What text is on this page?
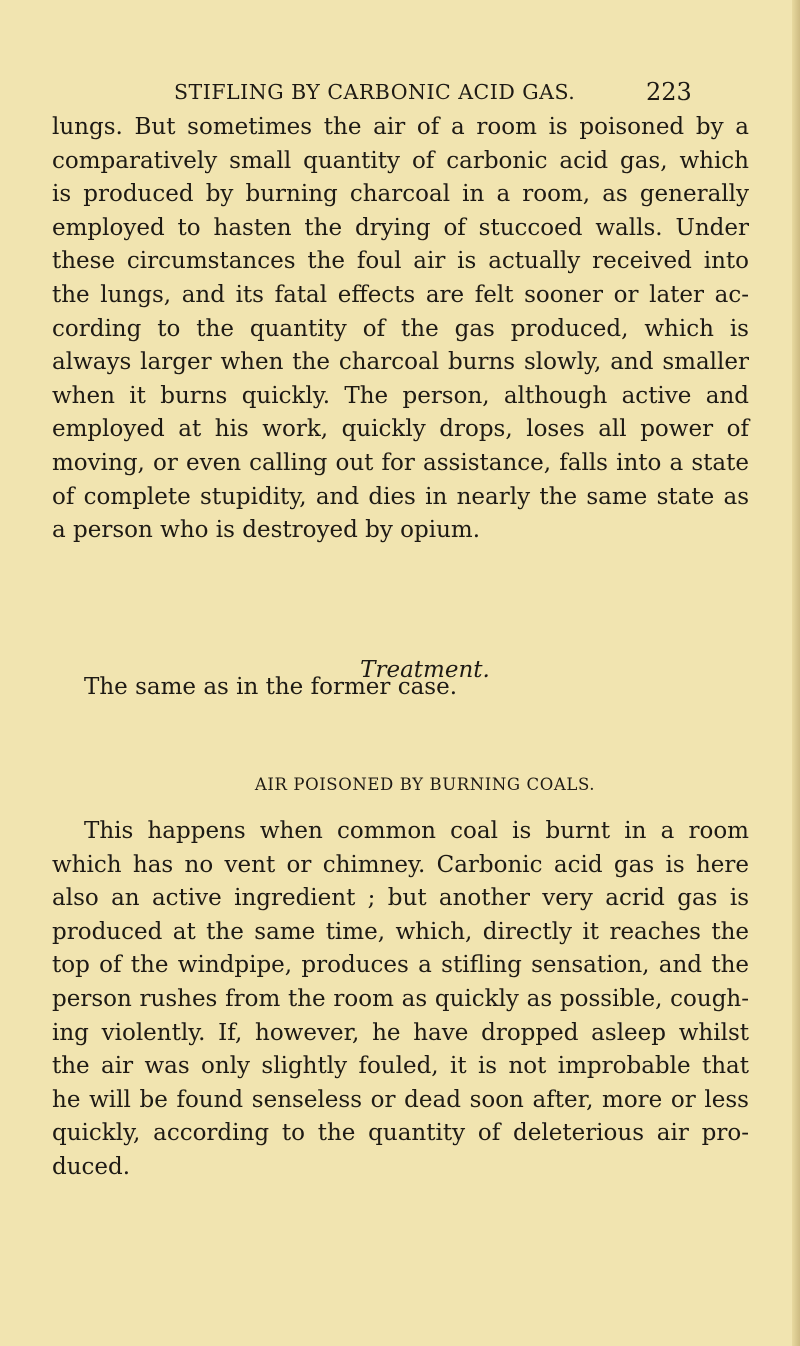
STIFLING BY CARBONIC ACID GAS.	223
lungs. But sometimes the air of a room is poisoned by a
comparatively small quantity of carbonic acid gas, which
is produced by burning charcoal in a room, as generally
employed to hasten the drying of stuccoed walls. Under
these circumstances the foul air is actually received into
the lungs, and its fatal effects are felt sooner or later ac-
cording to the quantity of the gas produced, which is
always larger when the charcoal burns slowly, and smaller
when it burns quickly. The person, although active and
employed at his work, quickly drops, loses all power of
moving, or even calling out for assistance, falls into a state
of complete stupidity, and dies in nearly the same state as
a person who is destroyed by opium.
Treatment.
The same as in the former case.
AIR POISONED BY BURNING COALS.
This happens when common coal is burnt in a room
which has no vent or chimney. Carbonic acid gas is here
also an active ingredient ; but another very acrid gas is
produced at the same time, which, directly it reaches the
top of the windpipe, produces a stifling sensation, and the
person rushes from the room as quickly as possible, cough-
ing violently. If, however, he have dropped asleep whilst
the air was only slightly fouled, it is not improbable that
he will be found senseless or dead soon after, more or less
quickly, according to the quantity of deleterious air pro-
duced.
